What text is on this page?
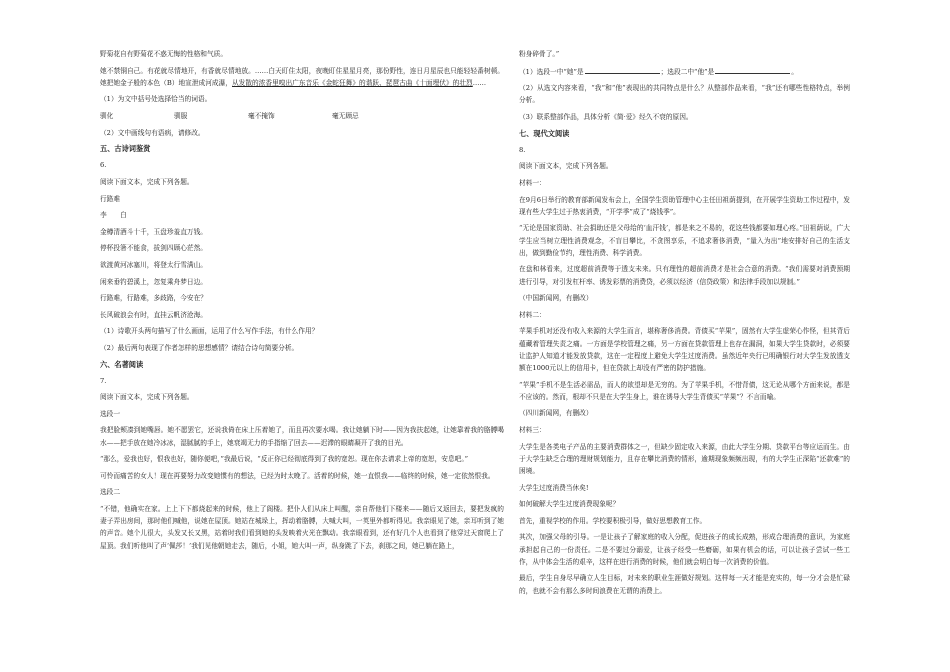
野菊花自有野菊花不惑无悔的性格和气质。

她不禁铜自己。有花就尽情地开，有香就尽情地放。……白天盯住太阳，夜晚盯住星星月亮，那份野性，连日月星辰也只能轻轻番树顿。她把她金子般的本色（B）地宣泄成河成瀑，从发散的浓香里嗅出广东音乐《金蛇狂舞》的谐跃、琵琶古曲《十面埋伏》的壮烈……

（1）为文中括号处选择恰当的词语。

驯化	驯服	毫不掩饰	毫无顾忌

（2）文中画线句有语病，请修改。

五、古诗词鉴赏

6.

阅读下面文本，完成下列各题。

行路难

李　　白

金樽清酒斗十千，玉盘珍羞直万钱。

停杯投箸不能食，拔剑四顾心茫然。

欲渡黄河冰塞川，将登太行雪满山。

闲来垂钓碧溪上，忽复乘舟梦日边。

行路难，行路难，多歧路，今安在？

长风破浪会有时，直挂云帆济沧海。

（1）诗歌开头两句描写了什么画面，运用了什么写作手法，有什么作用？

（2）最后两句表现了作者怎样的思想感情？请结合诗句简要分析。

六、名著阅读

7.

阅读下面文本，完成下列各题。

选段一

我把脸颊凑到她嘴唇。她不愿罢它，还说我倚在床上压着她了，而且再次要水喝。我让她躺下时——因为我扶起她，让她靠着我的胳膊喝水——把手放在她冷冰冰，湿腻腻的手上，她衰竭无力的手指缩了回去——迟滞的眼睛凝开了我的目光。

“那么，爱我也好，恨我也好，随你便吧，”我最后说，“反正你已经彻底得到了我的宽恕。现在你去请求上帝的宽恕，安息吧。”

可怜而痛苦的女人！现在再要努力改变她惯有的想法，已经为时太晚了。活着的时候，她一直恨我——临终的时候，她一定依然恨我。

选段二

“不错，他确实在家。上上下下都烧起来的时候，他上了阁楼。把仆人们从床上叫醒，亲自帮他们下楼来——随后又返回去，要把发疯的妻子弄出房间，那时他们喊他，说她在屋顶。她站在城垛上，挥动着胳膊，大喊大叫，一英里外都听得见。我亲眼见了她，亲耳听到了她的声音。她个儿很大，头发又长又黑，站着时我们看到她的头发映着火光在飘动。我亲眼看到，还有好几个人也看到了他穿过天窗爬上了屋顶。我们听他叫了声‘佩莎！’我们见他朝她走去，随后，小姐，她大叫一声，纵身跳了下去，刹那之间，她已躺在路上，

粉身碎骨了。”

（1）选段一中“她”是	；选段二中“他”是	。

（2）从选文内容来看，“我”和“他”表现出的共同特点是什么？从整部作品来看，“我”还有哪些性格特点，举例分析。

（3）联系整部作品，具体分析《简·爱》经久不衰的原因。

七、现代文阅读

8.

阅读下面文本，完成下列各题。

材料一：

在9月6日举行的教育部新闻发布会上，全国学生资助管理中心主任田祖荫提到，在开展学生资助工作过程中，发现有些大学生过于热衷消费，“开学季”成了“烧钱季”。

“无论是国家资助、社会捐助还是父母给的‘血汗钱’，都是来之不易的，花这些钱都要如理心疼。”田祖荫说，广大学生应当树立理性消费观念，不盲目攀比，不贪图享乐，不追求奢侈消费，“量入为出”地安排好自己的生活支出，做到勤俭节约，理性消费、科学消费。

在盘和林看来，过度超前消费等于透支未来。只有理性的超前消费才是社会合意的消费。“我们需要对消费预期进行引导，对引发杠杆率、诱发彩票的消费贷，必须以经济（信贷政策）和法律手段加以规制。”

（中国新闻网，有删改）

材料二：

苹果手机对还没有收入来源的大学生而言，堪称奢侈消费。背债买“苹果”，固然有大学生虚荣心作怪，但其背后蕴藏着管理失责之痛。一方面是学校管理之痛，另一方面在贷款管理上也存在漏洞，如果大学生贷款时，必须要让监护人知道才能发放贷款，这在一定程度上避免大学生过度消费。虽然近年央行已明确银行对大学生发放透支额在1000元以上的信用卡，但在贷款上却没有严密的防护措施。

“苹果”手机不是生活必需品，而人的欲望却是无穷的。为了苹果手机，不惜背债，这无论从哪个方面来说，都是不应该的。然而，根却不只是在大学生身上，谁在诱导大学生背债买“苹果”？不言而喻。

（四川新闻网，有删改）

材料三：

大学生是各类电子产品的主要消费群体之一，但缺少固定收入来源，由此大学生分期、贷款平台等应运而生。由于大学生缺乏合理的理财规划能力，且存在攀比消费的情形，逾期现象频频出现，有的大学生正深陷“还款难”的困境。

大学生过度消费当休矣!

如何破解大学生过度消费现象呢？

首先，重视学校的作用。学校要积极引导，做好思想教育工作。

其次，加强父母的引导。一是让孩子了解家庭的收入分配，促进孩子的成长成熟，形成合理消费的意识，为家庭承担起自己的一份责任。二是不要过分溺爱，让孩子经受一些磨砺，如果有机会的话，可以让孩子尝试一些工作，从中体会生活的艰辛，这样在进行消费的时候，他们就会明白每一次消费的价值。

最后，学生自身尽早确立人生目标，对未来的职业生涯做好规划。这样每一天才能是充实的，每一分才会是忙碌的，也就不会有那么多时间浪费在无谓的消费上。
